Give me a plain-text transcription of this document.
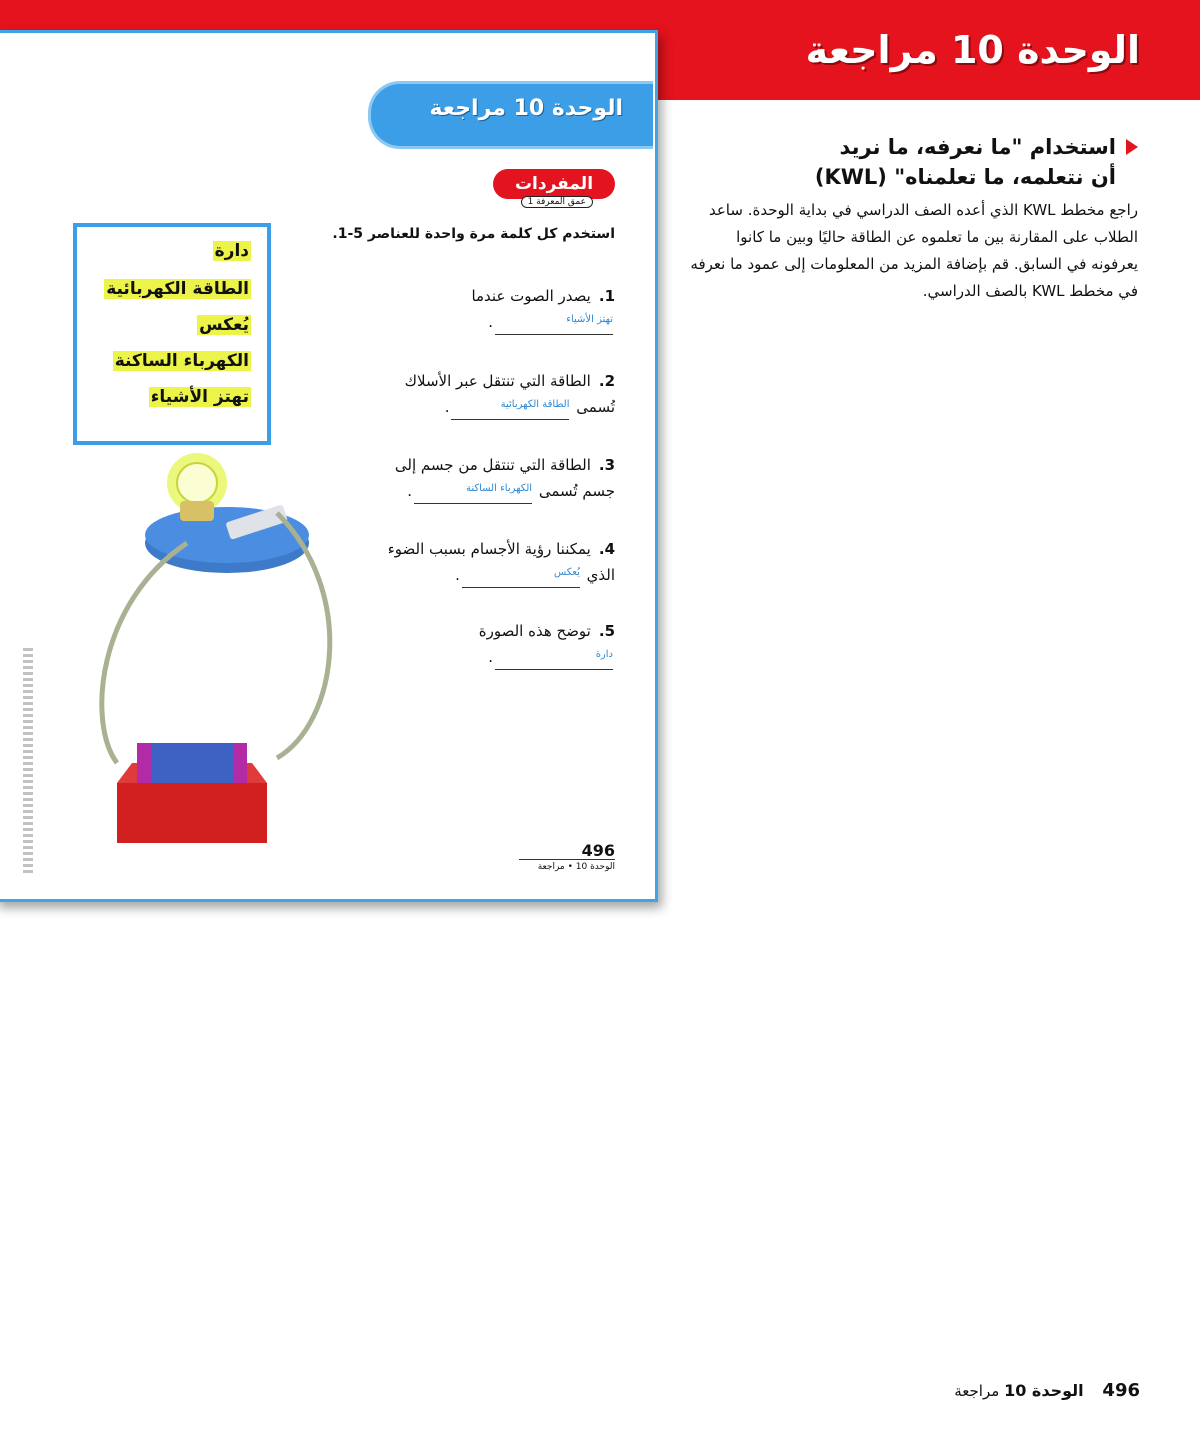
الوحدة 10 مراجعة
الوحدة 10 مراجعة
المفردات
عمق المعرفة 1
استخدم كل كلمة مرة واحدة للعناصر 5-1.
دارة
الطاقة الكهربائية
يُعكس
الكهرباء الساكنة
تهتز الأشياء
1.يصدر الصوت عندما

تهتز الأشياء
.
2.الطاقة التي تنتقل عبر الأسلاك تُسمى
الطاقة الكهربائية
.
3.الطاقة التي تنتقل من جسم إلى جسم تُسمى
الكهرباء الساكنة
.
4.يمكننا رؤية الأجسام بسبب الضوء الذي
يُعكس
.
5.توضح هذه الصورة

دارة
.
496
الوحدة 10 • مراجعة
استخدام "ما نعرفه، ما نريد أن نتعلمه، ما تعلمناه" (KWL)
راجع مخطط KWL الذي أعده الصف الدراسي في بداية الوحدة. ساعد الطلاب على المقارنة بين ما تعلموه عن الطاقة حاليًا وبين ما كانوا يعرفونه في السابق. قم بإضافة المزيد من المعلومات إلى عمود ما نعرفه في مخطط KWL بالصف الدراسي.
496 الوحدة 10 مراجعة
